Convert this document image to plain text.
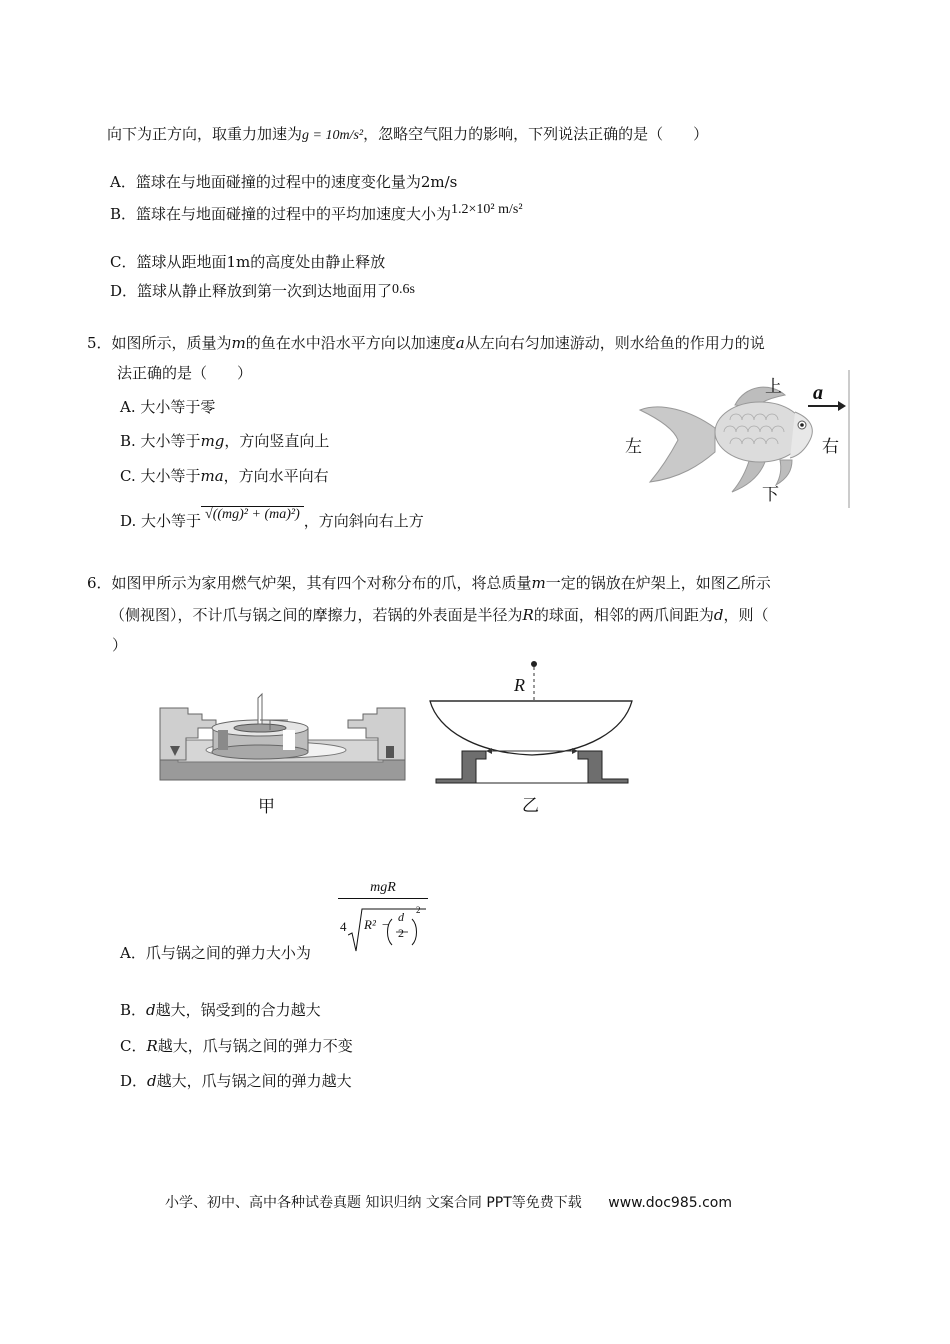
向下为正方向，取重力加速为g = 10m/s²，忽略空气阻力的影响，下列说法正确的是（　　）
A．篮球在与地面碰撞的过程中的速度变化量为2m/s
B．篮球在与地面碰撞的过程中的平均加速度大小为1.2×10² m/s²
C．篮球从距地面1m的高度处由静止释放
D．篮球从静止释放到第一次到达地面用了0.6s
5．如图所示，质量为m的鱼在水中沿水平方向以加速度a从左向右匀加速游动，则水给鱼的作用力的说
法正确的是（　　）
A. 大小等于零
B. 大小等于mg，方向竖直向上
C. 大小等于ma，方向水平向右
D. 大小等于 √((mg)² + (ma)²) ，方向斜向右上方
上 a
左	右
下
6．如图甲所示为家用燃气炉架，其有四个对称分布的爪，将总质量m一定的锅放在炉架上，如图乙所示
（侧视图），不计爪与锅之间的摩擦力，若锅的外表面是半径为R的球面，相邻的两爪间距为d，则（
）
甲
R
乙
A．爪与锅之间的弹力大小为
mgR
4 R² − d
2
2
B．d越大，锅受到的合力越大
C．R越大，爪与锅之间的弹力不变
D．d越大，爪与锅之间的弹力越大
小学、初中、高中各种试卷真题 知识归纳 文案合同 PPT等免费下载 www.doc985.com
